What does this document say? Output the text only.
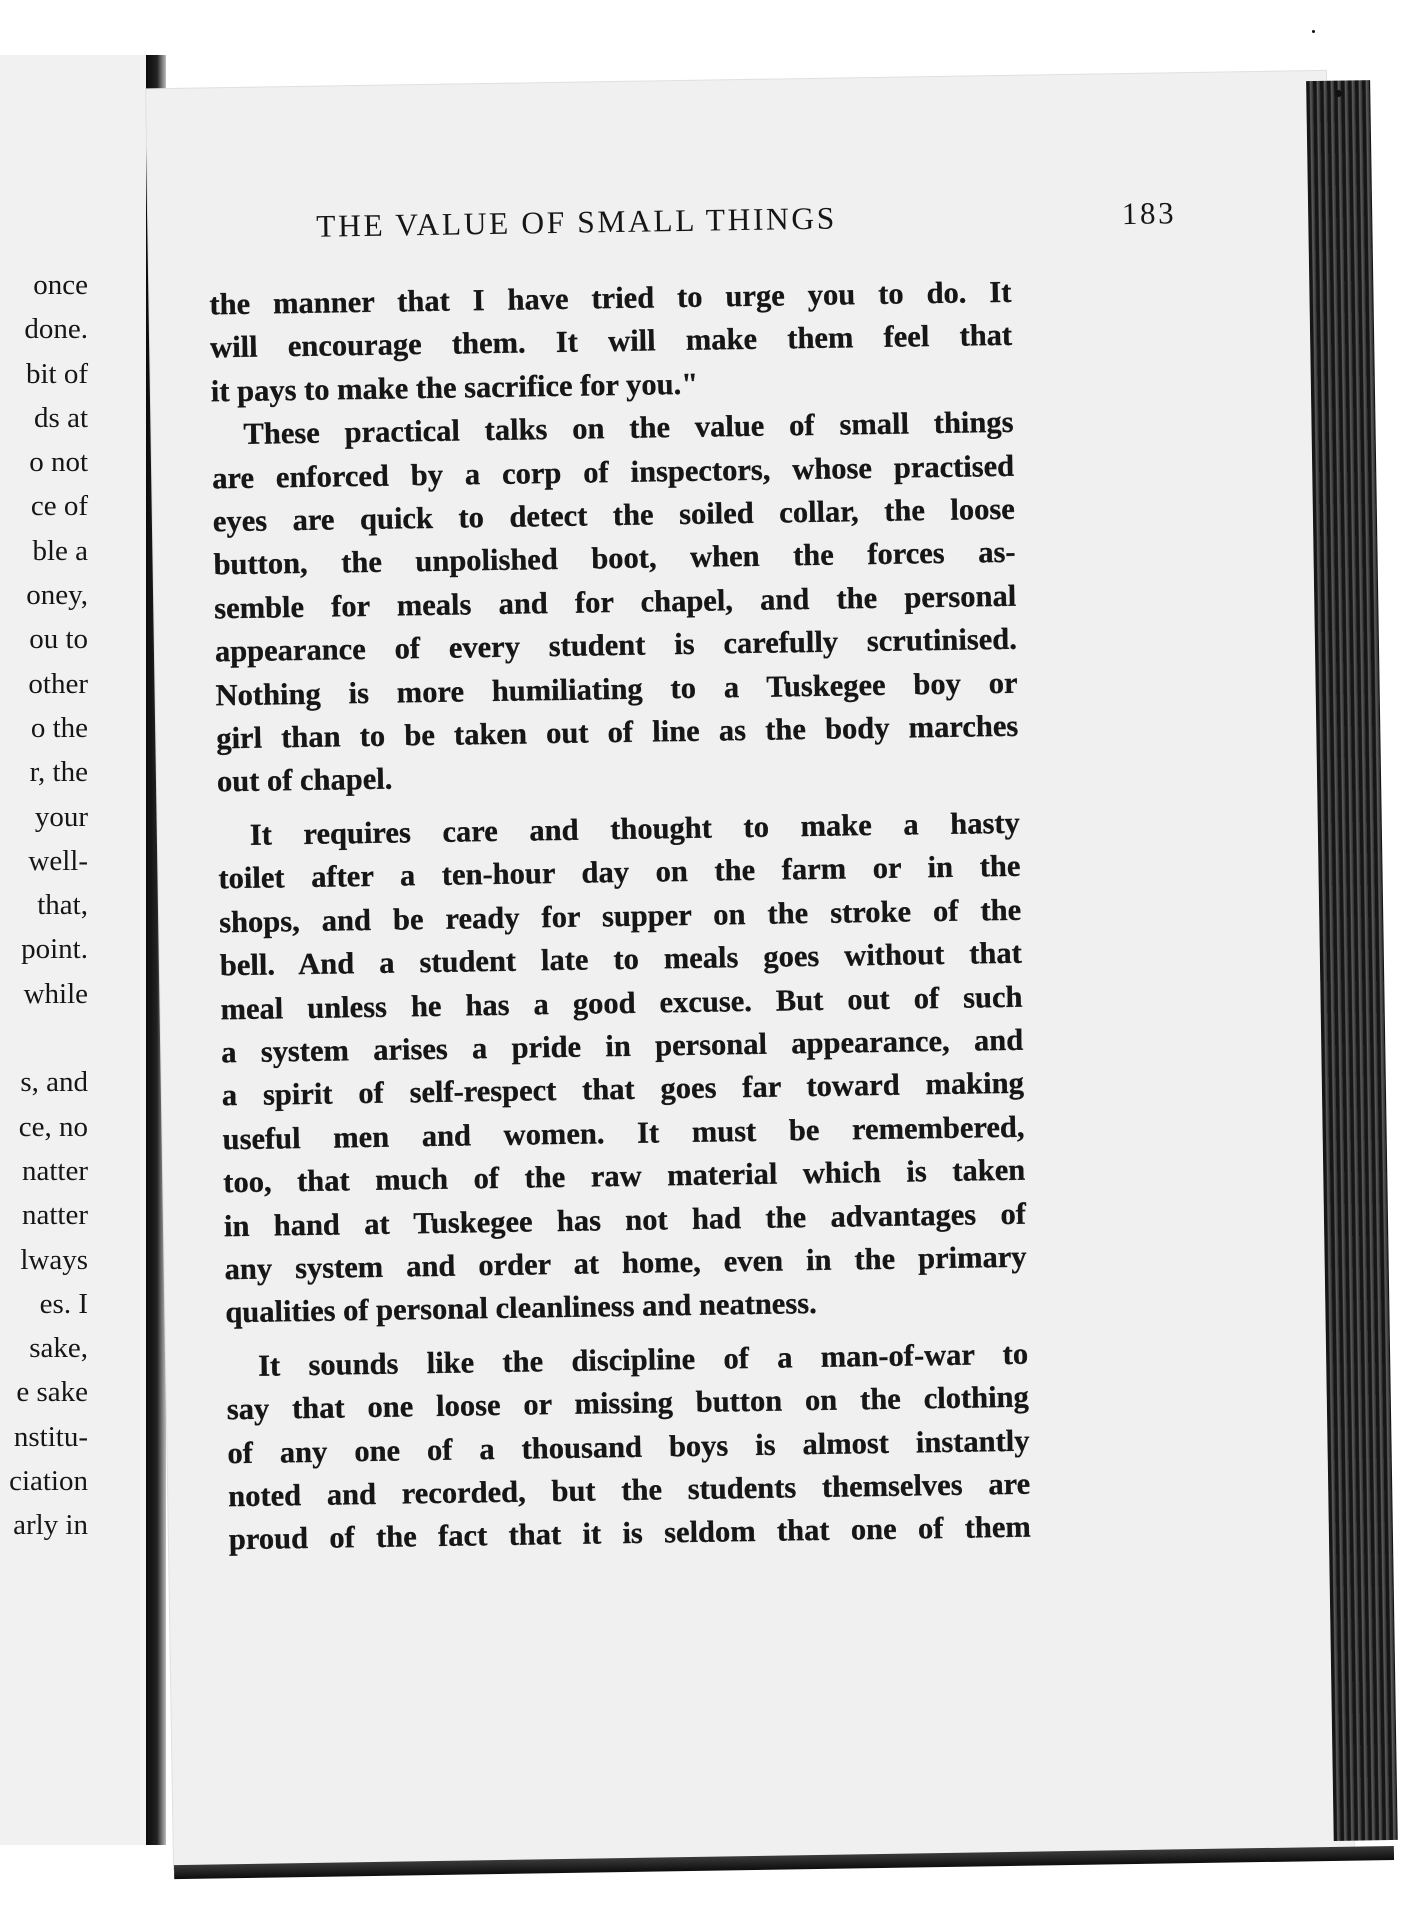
once
done.
bit of
ds at
o not
ce of
ble a
oney,
ou to
other
o the
r, the
your
well-
that,
point.
while
s, and
ce, no
natter
natter
lways
es. I
sake,
e sake
nstitu-
ciation
arly in
THE VALUE OF SMALL THINGS	183
the manner that I have tried to urge you to do. It
will encourage them. It will make them feel that
it pays to make the sacrifice for you."
These practical talks on the value of small things
are enforced by a corp of inspectors, whose practised
eyes are quick to detect the soiled collar, the loose
button, the unpolished boot, when the forces as-
semble for meals and for chapel, and the personal
appearance of every student is carefully scrutinised.
Nothing is more humiliating to a Tuskegee boy or
girl than to be taken out of line as the body marches
out of chapel.
It requires care and thought to make a hasty
toilet after a ten-hour day on the farm or in the
shops, and be ready for supper on the stroke of the
bell. And a student late to meals goes without that
meal unless he has a good excuse. But out of such
a system arises a pride in personal appearance, and
a spirit of self-respect that goes far toward making
useful men and women. It must be remembered,
too, that much of the raw material which is taken
in hand at Tuskegee has not had the advantages of
any system and order at home, even in the primary
qualities of personal cleanliness and neatness.
It sounds like the discipline of a man-of-war to
say that one loose or missing button on the clothing
of any one of a thousand boys is almost instantly
noted and recorded, but the students themselves are
proud of the fact that it is seldom that one of them
